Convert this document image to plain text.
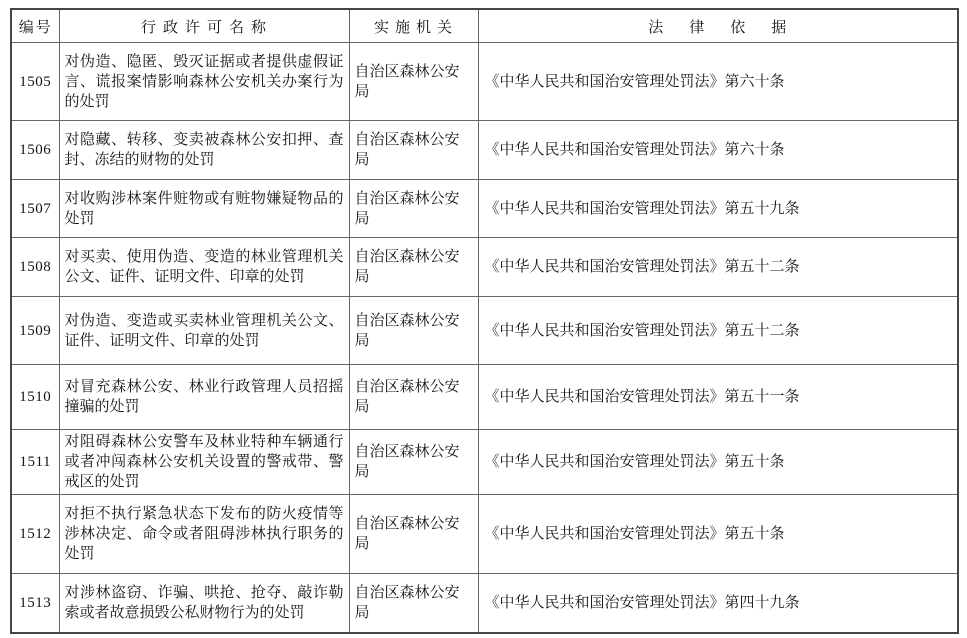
编号	行政许可名称	实施机关	法律依据
1505	对伪造、隐匿、毁灭证据或者提供虚假证言、谎报案情影响森林公安机关办案行为的处罚	自治区森林公安局	《中华人民共和国治安管理处罚法》第六十条
1506	对隐藏、转移、变卖被森林公安扣押、查封、冻结的财物的处罚	自治区森林公安局	《中华人民共和国治安管理处罚法》第六十条
1507	对收购涉林案件赃物或有赃物嫌疑物品的处罚	自治区森林公安局	《中华人民共和国治安管理处罚法》第五十九条
1508	对买卖、使用伪造、变造的林业管理机关公文、证件、证明文件、印章的处罚	自治区森林公安局	《中华人民共和国治安管理处罚法》第五十二条
1509	对伪造、变造或买卖林业管理机关公文、证件、证明文件、印章的处罚	自治区森林公安局	《中华人民共和国治安管理处罚法》第五十二条
1510	对冒充森林公安、林业行政管理人员招摇撞骗的处罚	自治区森林公安局	《中华人民共和国治安管理处罚法》第五十一条
1511	对阻碍森林公安警车及林业特种车辆通行或者冲闯森林公安机关设置的警戒带、警戒区的处罚	自治区森林公安局	《中华人民共和国治安管理处罚法》第五十条
1512	对拒不执行紧急状态下发布的防火疫情等涉林决定、命令或者阻碍涉林执行职务的处罚	自治区森林公安局	《中华人民共和国治安管理处罚法》第五十条
1513	对涉林盗窃、诈骗、哄抢、抢夺、敲诈勒索或者故意损毁公私财物行为的处罚	自治区森林公安局	《中华人民共和国治安管理处罚法》第四十九条
